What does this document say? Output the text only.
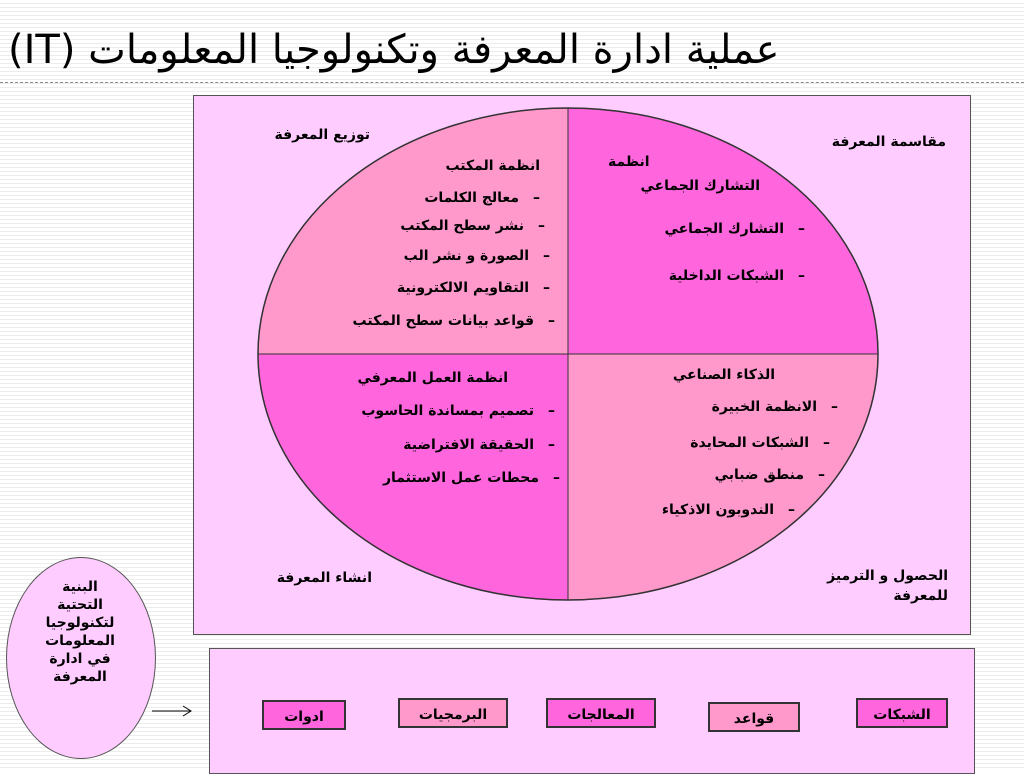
عملية ادارة المعرفة وتكنولوجيا المعلومات (IT)
توزيع المعرفة	مقاسمة المعرفة
انشاء المعرفة	الحصول و الترميز
للمعرفة
انظمة المكتب
–معالج الكلمات
–نشر سطح المكتب
–الصورة و نشر الب
–التقاويم الالكترونية
–قواعد بيانات سطح المكتب
انظمة
التشارك الجماعي
–التشارك الجماعي
–الشبكات الداخلية
انظمة العمل المعرفي
–تصميم بمساندة الحاسوب
–الحقيقة الافتراضية
–محطات عمل الاستثمار
الذكاء الصناعي
–الانظمة الخبيرة
–الشبكات المحايدة
–منطق ضبابي
–الندوبون الاذكياء
البنية
التحتية
لتكنولوجيا
المعلومات
في ادارة
المعرفة
الشبكات
قواعد
المعالجات
البرمجيات
ادوات
